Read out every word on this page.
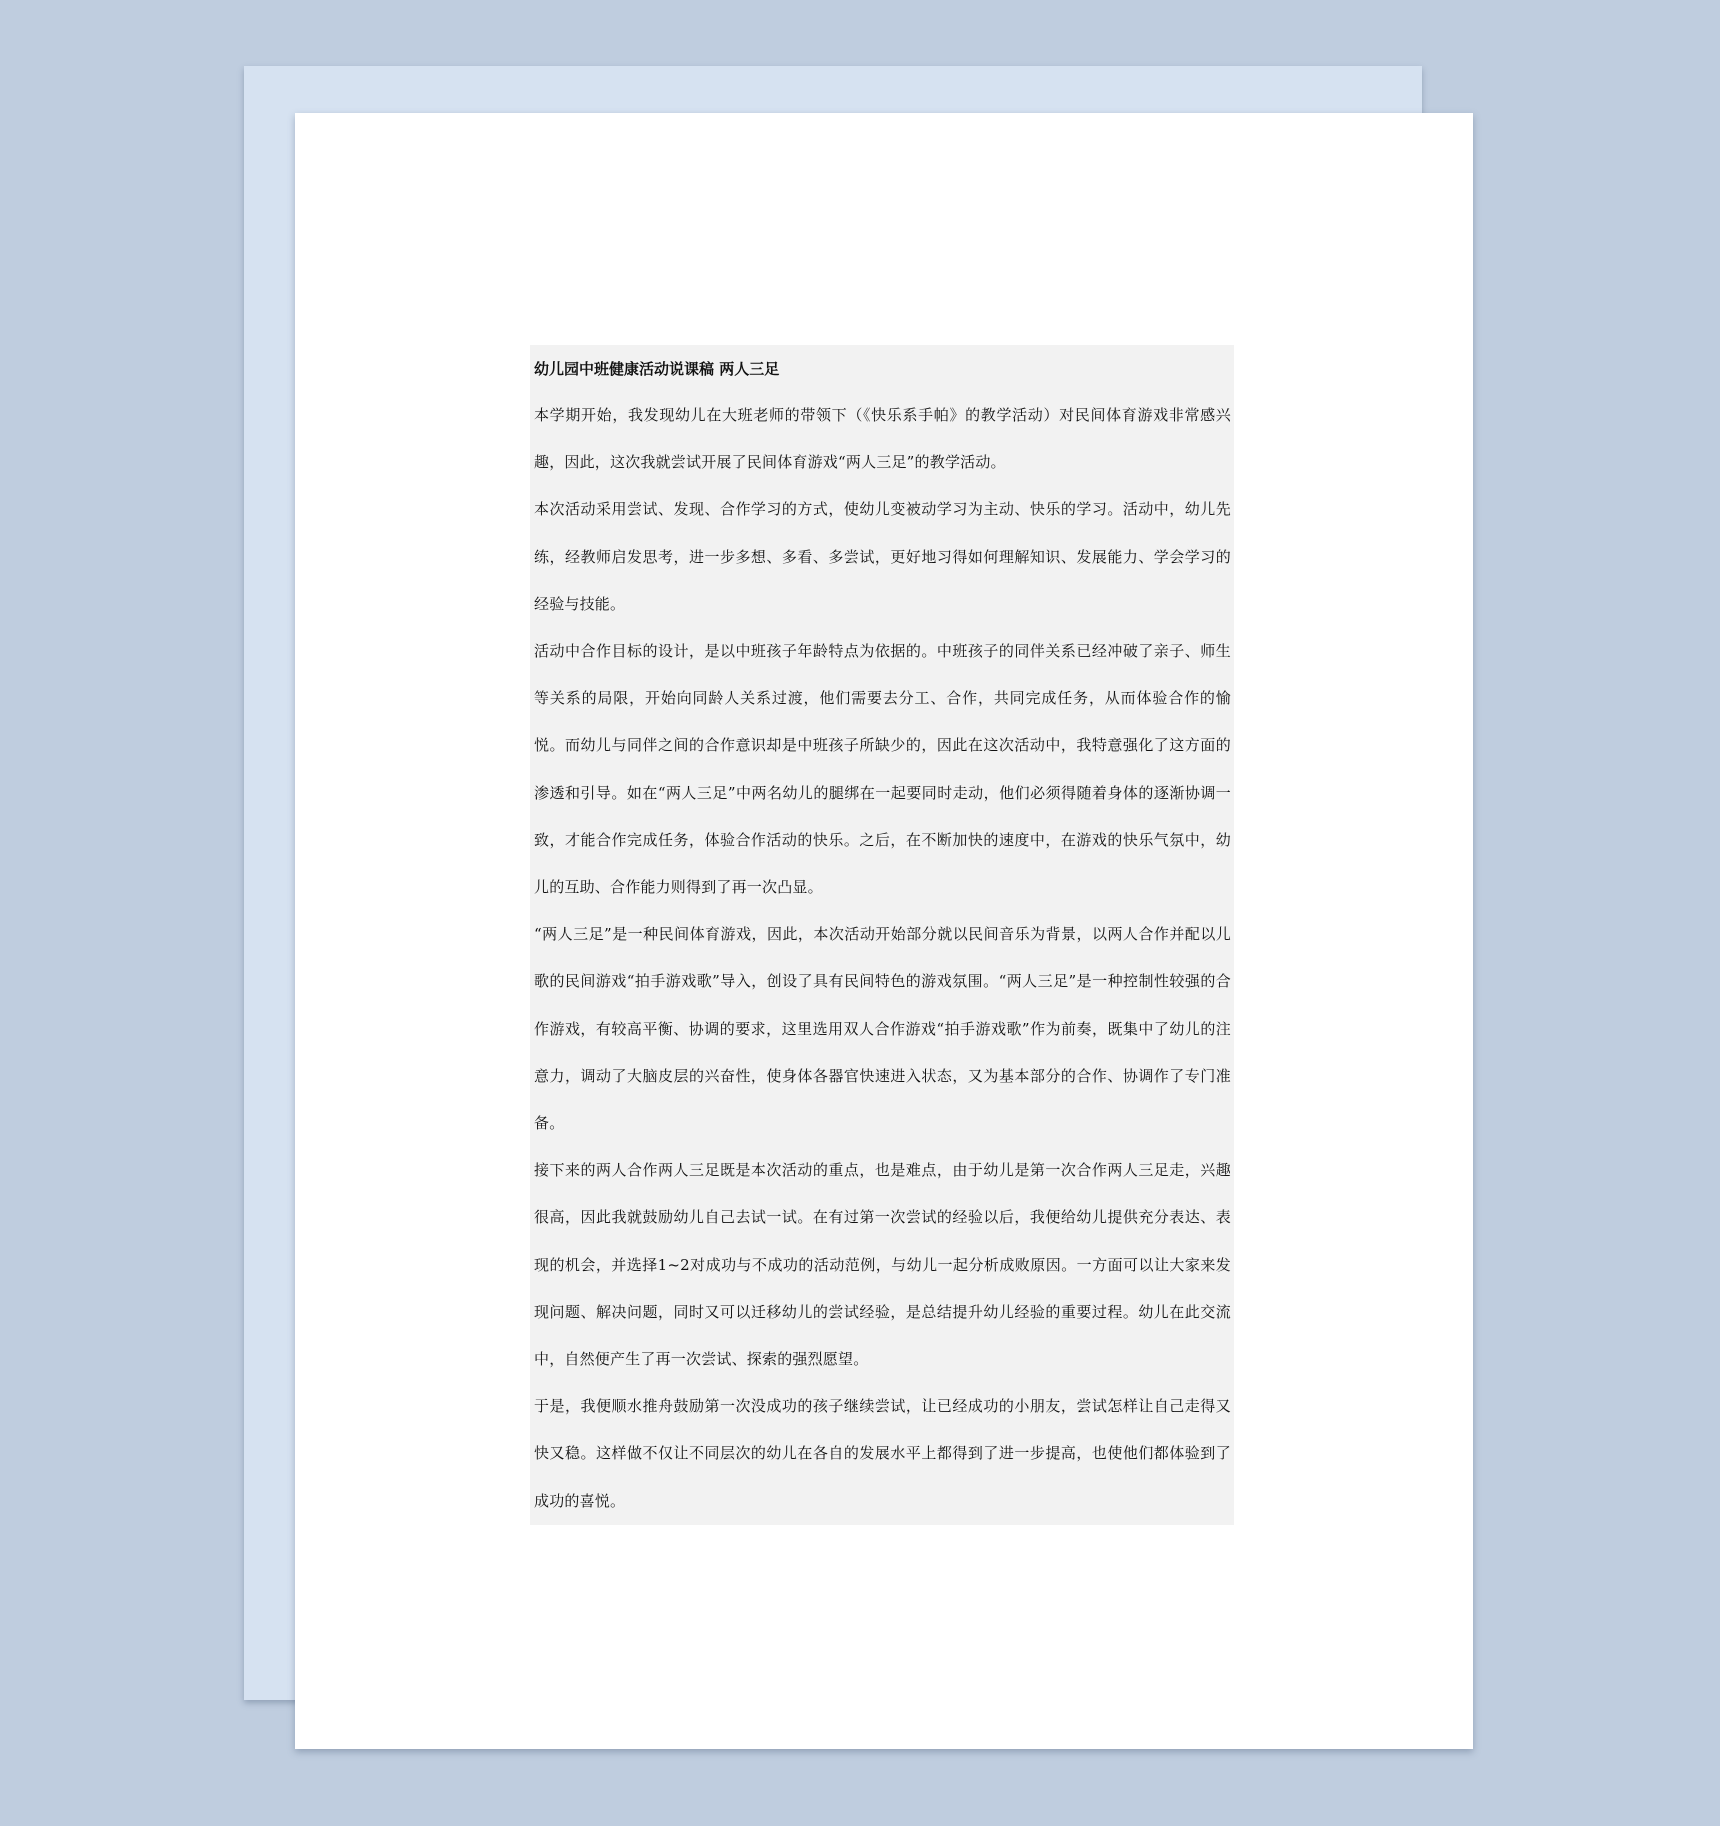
幼儿园中班健康活动说课稿 两人三足

本学期开始，我发现幼儿在大班老师的带领下（《快乐系手帕》的教学活动）对民间体育游戏非常感兴趣，因此，这次我就尝试开展了民间体育游戏“两人三足”的教学活动。

本次活动采用尝试、发现、合作学习的方式，使幼儿变被动学习为主动、快乐的学习。活动中，幼儿先练，经教师启发思考，进一步多想、多看、多尝试，更好地习得如何理解知识、发展能力、学会学习的经验与技能。

活动中合作目标的设计，是以中班孩子年龄特点为依据的。中班孩子的同伴关系已经冲破了亲子、师生等关系的局限，开始向同龄人关系过渡，他们需要去分工、合作，共同完成任务，从而体验合作的愉悦。而幼儿与同伴之间的合作意识却是中班孩子所缺少的，因此在这次活动中，我特意强化了这方面的渗透和引导。如在“两人三足”中两名幼儿的腿绑在一起要同时走动，他们必须得随着身体的逐渐协调一致，才能合作完成任务，体验合作活动的快乐。之后，在不断加快的速度中，在游戏的快乐气氛中，幼儿的互助、合作能力则得到了再一次凸显。

“两人三足”是一种民间体育游戏，因此，本次活动开始部分就以民间音乐为背景，以两人合作并配以儿歌的民间游戏“拍手游戏歌”导入，创设了具有民间特色的游戏氛围。“两人三足”是一种控制性较强的合作游戏，有较高平衡、协调的要求，这里选用双人合作游戏“拍手游戏歌”作为前奏，既集中了幼儿的注意力，调动了大脑皮层的兴奋性，使身体各器官快速进入状态，又为基本部分的合作、协调作了专门准备。

接下来的两人合作两人三足既是本次活动的重点，也是难点，由于幼儿是第一次合作两人三足走，兴趣很高，因此我就鼓励幼儿自己去试一试。在有过第一次尝试的经验以后，我便给幼儿提供充分表达、表现的机会，并选择1~2对成功与不成功的活动范例，与幼儿一起分析成败原因。一方面可以让大家来发现问题、解决问题，同时又可以迁移幼儿的尝试经验，是总结提升幼儿经验的重要过程。幼儿在此交流中，自然便产生了再一次尝试、探索的强烈愿望。

于是，我便顺水推舟鼓励第一次没成功的孩子继续尝试，让已经成功的小朋友，尝试怎样让自己走得又快又稳。这样做不仅让不同层次的幼儿在各自的发展水平上都得到了进一步提高，也使他们都体验到了成功的喜悦。
